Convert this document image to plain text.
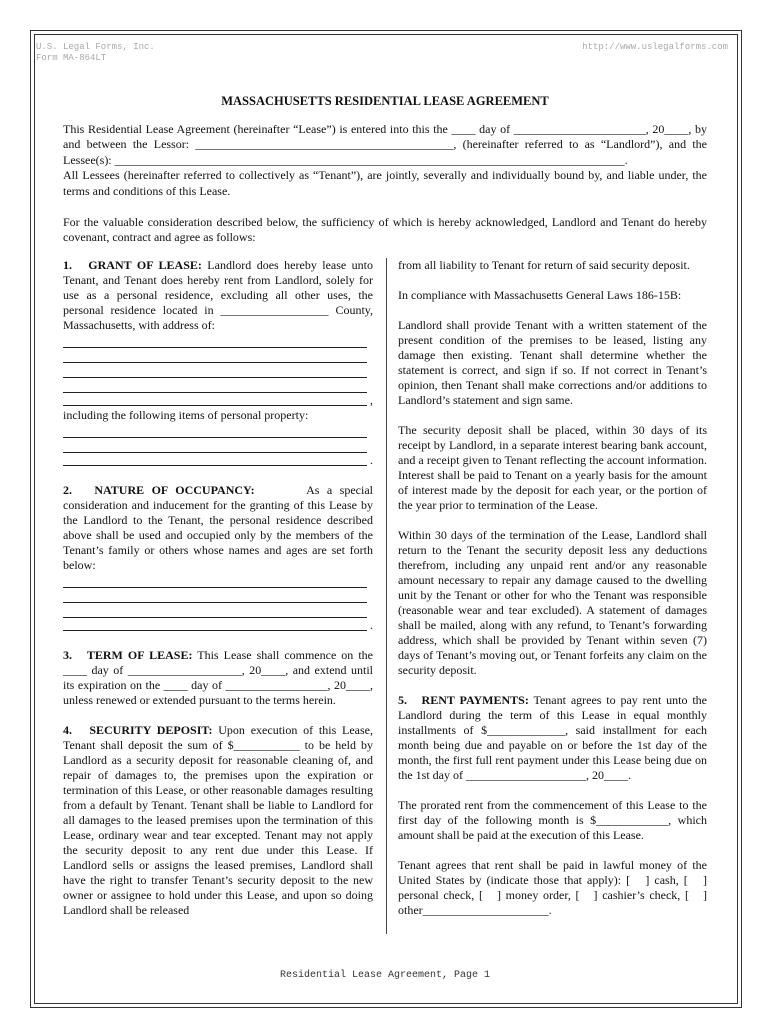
U.S. Legal Forms, Inc.
Form MA-864LT
http://www.uslegalforms.com
MASSACHUSETTS RESIDENTIAL LEASE AGREEMENT

This Residential Lease Agreement (hereinafter “Lease”) is entered into this the ____ day of ______________________, 20____, by and between the Lessor: ___________________________________________, (hereinafter referred to as “Landlord”), and the Lessee(s): _____________________________________________________________________________________.

All Lessees (hereinafter referred to collectively as “Tenant”), are jointly, severally and individually bound by, and liable under, the terms and conditions of this Lease.

For the valuable consideration described below, the sufficiency of which is hereby acknowledged, Landlord and Tenant do hereby covenant, contract and agree as follows:

1.   GRANT OF LEASE: Landlord does hereby lease unto Tenant, and Tenant does hereby rent from Landlord, solely for use as a personal residence, excluding all other uses, the personal residence located in __________________ County, Massachusetts, with address of:

,

including the following items of personal property:

.

2.   NATURE OF OCCUPANCY:       As a special consideration and inducement for the granting of this Lease by the Landlord to the Tenant, the personal residence described above shall be used and occupied only by the members of the Tenant’s family or others whose names and ages are set forth below:

.

3.   TERM OF LEASE: This Lease shall commence on the ____ day of ___________________, 20____, and extend until its expiration on the ____ day of _________________, 20____, unless renewed or extended pursuant to the terms herein.

4.   SECURITY DEPOSIT: Upon execution of this Lease, Tenant shall deposit the sum of $___________ to be held by Landlord as a security deposit for reasonable cleaning of, and repair of damages to, the premises upon the expiration or termination of this Lease, or other reasonable damages resulting from a default by Tenant. Tenant shall be liable to Landlord for all damages to the leased premises upon the termination of this Lease, ordinary wear and tear excepted. Tenant may not apply the security deposit to any rent due under this Lease. If Landlord sells or assigns the leased premises, Landlord shall have the right to transfer Tenant’s security deposit to the new owner or assignee to hold under this Lease, and upon so doing Landlord shall be released

from all liability to Tenant for return of said security deposit.

In compliance with Massachusetts General Laws 186-15B:

Landlord shall provide Tenant with a written statement of the present condition of the premises to be leased, listing any damage then existing. Tenant shall determine whether the statement is correct, and sign if so. If not correct in Tenant’s opinion, then Tenant shall make corrections and/or additions to Landlord’s statement and sign same.

The security deposit shall be placed, within 30 days of its receipt by Landlord, in a separate interest bearing bank account, and a receipt given to Tenant reflecting the account information. Interest shall be paid to Tenant on a yearly basis for the amount of interest made by the deposit for each year, or the portion of the year prior to termination of the Lease.

Within 30 days of the termination of the Lease, Landlord shall return to the Tenant the security deposit less any deductions therefrom, including any unpaid rent and/or any reasonable amount necessary to repair any damage caused to the dwelling unit by the Tenant or other for who the Tenant was responsible (reasonable wear and tear excluded). A statement of damages shall be mailed, along with any refund, to Tenant’s forwarding address, which shall be provided by Tenant within seven (7) days of Tenant’s moving out, or Tenant forfeits any claim on the security deposit.

5.   RENT PAYMENTS: Tenant agrees to pay rent unto the Landlord during the term of this Lease in equal monthly installments of $_____________, said installment for each month being due and payable on or before the 1st day of the month, the first full rent payment under this Lease being due on the 1st day of ____________________, 20____.

The prorated rent from the commencement of this Lease to the first day of the following month is $____________, which amount shall be paid at the execution of this Lease.

Tenant agrees that rent shall be paid in lawful money of the United States by (indicate those that apply): [   ] cash, [   ] personal check, [   ] money order, [   ] cashier’s check, [   ] other_____________________.

Residential Lease Agreement, Page 1
